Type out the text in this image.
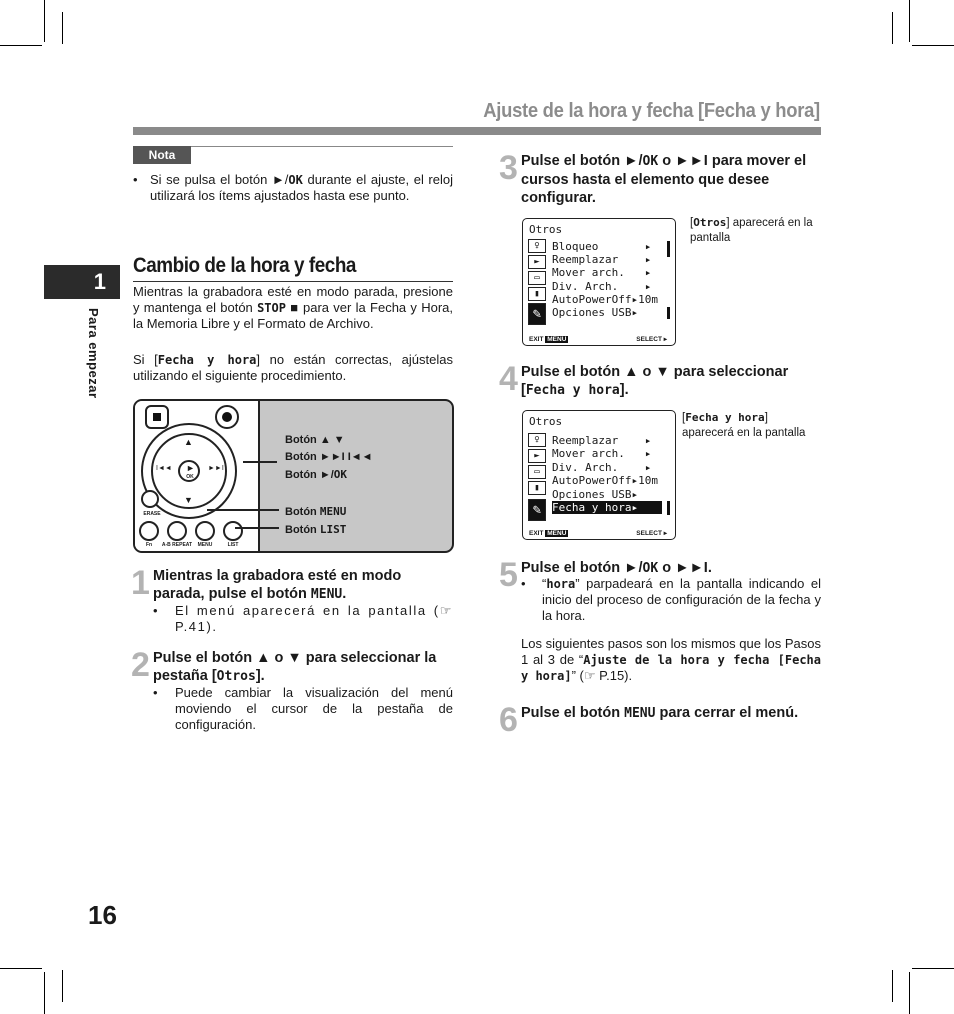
Ajuste de la hora y fecha [Fecha y hora]
1
Para empezar
16
Nota
• Si se pulsa el botón ►/OK durante el ajuste, el reloj utilizará los ítems ajustados hasta ese punto.
Cambio de la hora y fecha
Mientras la grabadora esté en modo parada, presione y mantenga el botón STOP ■ para ver la Fecha y Hora, la Memoria Libre y el Formato de Archivo.
Si [Fecha y hora] no están correctas, ajústelas utilizando el siguiente procedimiento.
▲
▼
I◄◄	►►I
►
OK
ERASE
Fn	A-B REPEAT	MENU	LIST
Botón ▲ ▼
Botón ►►I I◄◄
Botón ►/OK
Botón MENU
Botón LIST
1 Mientras la grabadora esté en modo parada, pulse el botón MENU.
• El menú aparecerá en la pantalla (☞ P.41).
2 Pulse el botón ▲ o ▼ para seleccionar la pestaña [Otros].
• Puede cambiar la visualización del menú moviendo el cursor de la pestaña de configuración.
3 Pulse el botón ►/OK o ►►I para mover el cursos hasta el elemento que desee configurar.
Otros
♀
►
▭
▮
✎
Bloqueo       ▸
Reemplazar    ▸
Mover arch.   ▸
Div. Arch.    ▸
AutoPowerOff▸10m
Opciones USB▸
EXIT MENU	SELECT ▸
[Otros] aparecerá en la pantalla
4 Pulse el botón ▲ o ▼ para seleccionar [Fecha y hora].
Otros
♀
►
▭
▮
✎
Reemplazar    ▸
Mover arch.   ▸
Div. Arch.    ▸
AutoPowerOff▸10m
Opciones USB▸
Fecha y hora▸
EXIT MENU	SELECT ▸
[Fecha y hora] aparecerá en la pantalla
5 Pulse el botón ►/OK o ►►I.
• “hora” parpadeará en la pantalla indicando el inicio del proceso de configuración de la fecha y la hora.
Los siguientes pasos son los mismos que los Pasos 1 al 3 de “Ajuste de la hora y fecha [Fecha y hora]” (☞ P.15).
6 Pulse el botón MENU para cerrar el menú.
